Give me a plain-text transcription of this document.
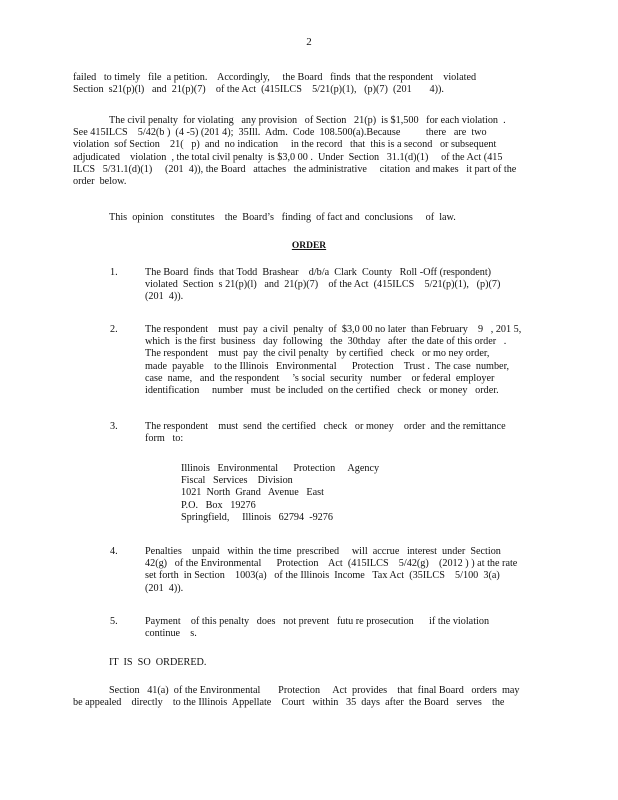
2
failed   to timely   file  a petition.    Accordingly,     the Board   finds  that the respondent    violated
Section  s21(p)(l)   and  21(p)(7)    of the Act  (415ILCS    5/21(p)(1),   (p)(7)  (201       4)).
The civil penalty  for violating   any provision   of Section   21(p)  is $1,500   for each violation  .
See 415ILCS    5/42(b )  (4 -5) (201 4);  35Ill.  Adm.  Code  108.500(a).Because          there   are  two
violation  sof Section    21(   p)  and  no indication     in the record   that  this is a second   or subsequent
adjudicated    violation  , the total civil penalty  is $3,0 00 .  Under  Section   31.1(d)(1)     of the Act (415
ILCS   5/31.1(d)(1)     (201  4)), the Board   attaches   the administrative     citation  and makes   it part of the
order  below.
This  opinion   constitutes    the  Board’s   finding  of fact and  conclusions     of  law.
ORDER
1.	The Board  finds  that Todd  Brashear    d/b/a  Clark  County   Roll -Off (respondent)
violated  Section  s 21(p)(l)   and  21(p)(7)    of the Act  (415ILCS    5/21(p)(1),   (p)(7)
(201  4)).
2.	The respondent    must  pay  a civil  penalty  of  $3,0 00 no later  than February    9   , 201 5,
which  is the first  business   day  following   the  30thday   after  the date of this order   .
The respondent    must  pay  the civil penalty   by certified   check   or mo ney order,
made  payable    to the Illinois   Environmental      Protection    Trust .  The case  number,
case  name,   and  the respondent     ’s social  security   number    or federal  employer
identification     number   must  be included  on the certified   check   or money   order.
3.	The respondent    must  send  the certified   check   or money    order  and the remittance
form   to:
Illinois   Environmental      Protection     Agency
Fiscal   Services    Division
1021  North  Grand   Avenue   East
P.O.   Box   19276
Springfield,     Illinois   62794  -9276
4.	Penalties    unpaid   within  the time  prescribed     will  accrue   interest  under  Section
42(g)   of the Environmental      Protection    Act  (415ILCS    5/42(g)    (2012 ) ) at the rate
set forth  in Section    1003(a)   of the Illinois  Income   Tax Act  (35ILCS    5/100  3(a)
(201  4)).
5.	Payment    of this penalty   does   not prevent   futu re prosecution      if the violation
continue    s.
IT  IS  SO  ORDERED.
Section   41(a)  of the Environmental       Protection     Act  provides    that  final Board   orders  may
be appealed    directly    to the Illinois  Appellate    Court   within   35  days  after  the Board   serves    the
